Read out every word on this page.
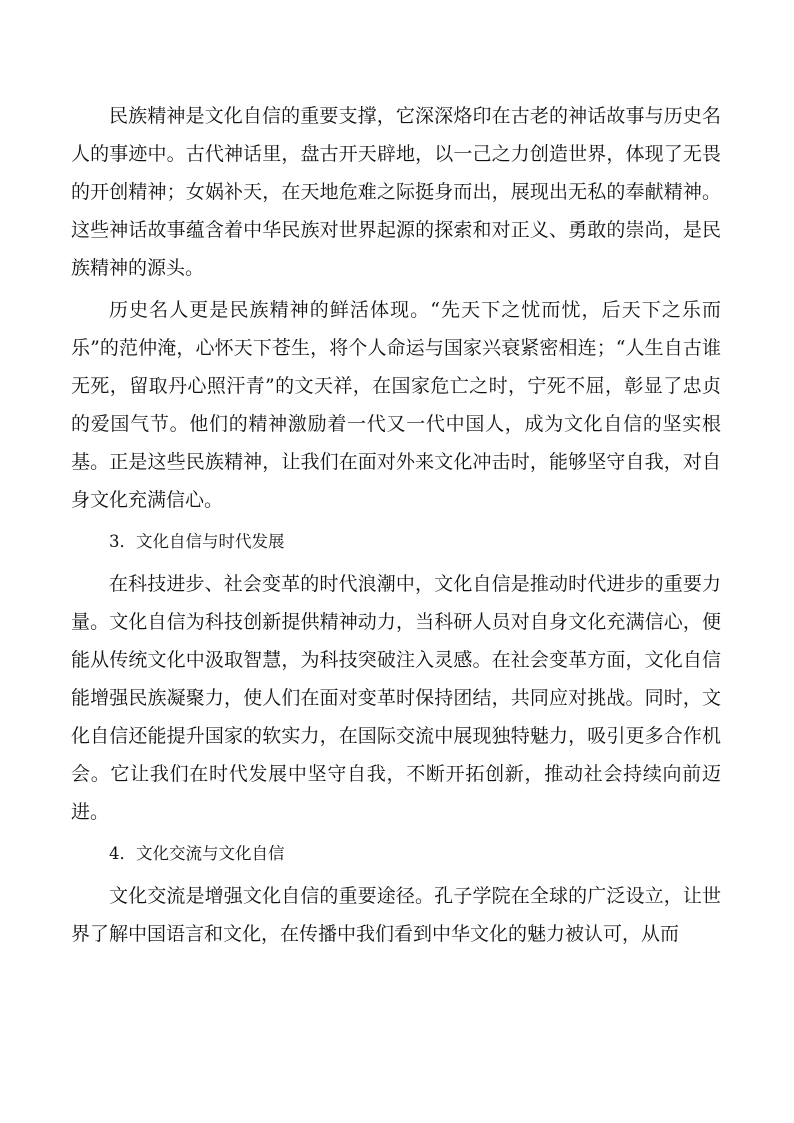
民族精神是文化自信的重要支撑，它深深烙印在古老的神话故事与历史名人的事迹中。古代神话里，盘古开天辟地，以一己之力创造世界，体现了无畏的开创精神；女娲补天，在天地危难之际挺身而出，展现出无私的奉献精神。这些神话故事蕴含着中华民族对世界起源的探索和对正义、勇敢的崇尚，是民族精神的源头。

历史名人更是民族精神的鲜活体现。“先天下之忧而忧，后天下之乐而乐”的范仲淹，心怀天下苍生，将个人命运与国家兴衰紧密相连；“人生自古谁无死，留取丹心照汗青”的文天祥，在国家危亡之时，宁死不屈，彰显了忠贞的爱国气节。他们的精神激励着一代又一代中国人，成为文化自信的坚实根基。正是这些民族精神，让我们在面对外来文化冲击时，能够坚守自我，对自身文化充满信心。

3．文化自信与时代发展

在科技进步、社会变革的时代浪潮中，文化自信是推动时代进步的重要力量。文化自信为科技创新提供精神动力，当科研人员对自身文化充满信心，便能从传统文化中汲取智慧，为科技突破注入灵感。在社会变革方面，文化自信能增强民族凝聚力，使人们在面对变革时保持团结，共同应对挑战。同时，文化自信还能提升国家的软实力，在国际交流中展现独特魅力，吸引更多合作机会。它让我们在时代发展中坚守自我，不断开拓创新，推动社会持续向前迈进。

4．文化交流与文化自信

文化交流是增强文化自信的重要途径。孔子学院在全球的广泛设立，让世界了解中国语言和文化，在传播中我们看到中华文化的魅力被认可，从而
